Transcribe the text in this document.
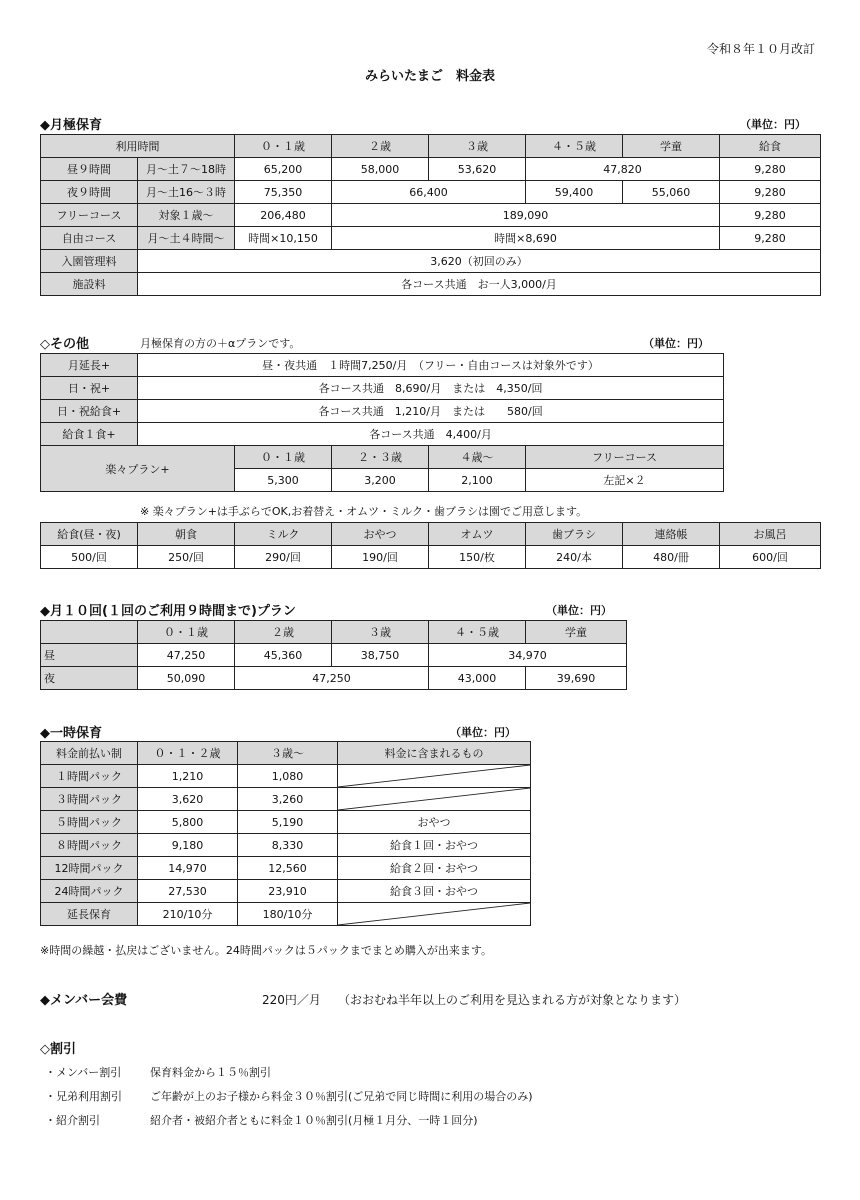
令和８年１０月改訂
みらいたまご　料金表
◆月極保育	（単位：円）
利用時間		０・１歳	２歳	３歳	４・５歳	学童	給食
昼９時間	月〜土７〜18時	65,200	58,000	53,620	47,820		9,280
夜９時間	月〜土16〜３時	75,350	66,400		59,400	55,060	9,280
フリーコース	対象１歳〜	206,480	189,090				9,280
自由コース	月〜土４時間〜	時間×10,150	時間×8,690				9,280
入園管理料	3,620（初回のみ）						
施設料	各コース共通　お一人3,000/月						
◇その他	月極保育の方の＋αプランです。	（単位：円）
月延長+	昼・夜共通　１時間7,250/月　（フリー・自由コースは対象外です）				
日・祝+	各コース共通　8,690/月　または　4,350/回				
日・祝給食+	各コース共通　1,210/月　または　　580/回				
給食１食+	各コース共通　4,400/月				
楽々プラン+		０・１歳	２・３歳	４歳〜	フリーコース
		5,300	3,200	2,100	左記×２
※ 楽々プラン+は手ぶらでOK,お着替え・オムツ・ミルク・歯ブラシは園でご用意します。
給食(昼・夜)	朝食	ミルク	おやつ	オムツ	歯ブラシ	連絡帳	お風呂
500/回	250/回	290/回	190/回	150/枚	240/本	480/冊	600/回
◆月１０回(１回のご利用９時間まで)プラン	（単位：円）
	０・１歳	２歳	３歳	４・５歳	学童
昼	47,250	45,360	38,750	34,970	
夜	50,090	47,250		43,000	39,690
◆一時保育	（単位：円）
料金前払い制	０・１・２歳	３歳〜	料金に含まれるもの
１時間パック	1,210	1,080	

３時間パック	3,620	3,260	

５時間パック	5,800	5,190	おやつ
８時間パック	9,180	8,330	給食１回・おやつ
12時間パック	14,970	12,560	給食２回・おやつ
24時間パック	27,530	23,910	給食３回・おやつ
延長保育	210/10分	180/10分	
※時間の繰越・払戻はございません。24時間パックは５パックまでまとめ購入が出来ます。
◆メンバー会費	220円／月 （おおむね半年以上のご利用を見込まれる方が対象となります）
◇割引
・メンバー割引	保育料金から１５％割引
・兄弟利用割引	ご年齢が上のお子様から料金３０％割引(ご兄弟で同じ時間に利用の場合のみ)
・紹介割引	紹介者・被紹介者ともに料金１０％割引(月極１月分、一時１回分)
